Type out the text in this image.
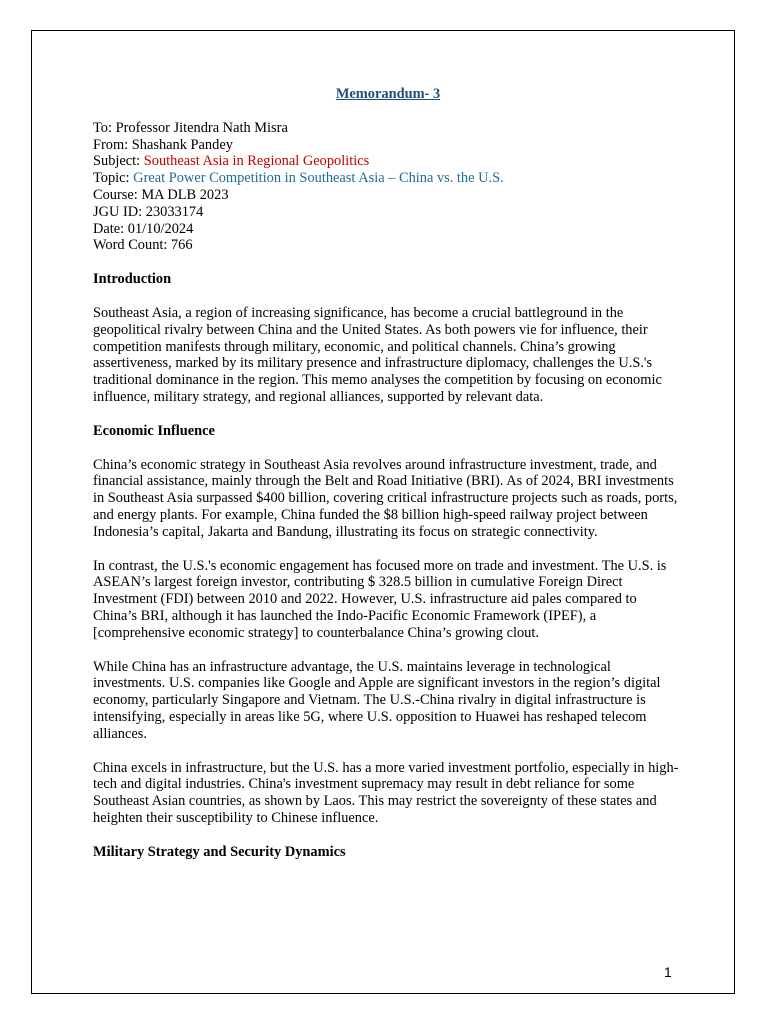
Memorandum- 3

To: Professor Jitendra Nath Misra

From: Shashank Pandey

Subject: Southeast Asia in Regional Geopolitics

Topic: Great Power Competition in Southeast Asia – China vs. the U.S.

Course: MA DLB 2023

JGU ID: 23033174

Date: 01/10/2024

Word Count: 766

Introduction

Southeast Asia, a region of increasing significance, has become a crucial battleground in the geopolitical rivalry between China and the United States. As both powers vie for influence, their competition manifests through military, economic, and political channels. China’s growing assertiveness, marked by its military presence and infrastructure diplomacy, challenges the U.S.'s traditional dominance in the region. This memo analyses the competition by focusing on economic influence, military strategy, and regional alliances, supported by relevant data.

Economic Influence

China’s economic strategy in Southeast Asia revolves around infrastructure investment, trade, and financial assistance, mainly through the Belt and Road Initiative (BRI). As of 2024, BRI investments in Southeast Asia surpassed $400 billion, covering critical infrastructure projects such as roads, ports, and energy plants. For example, China funded the $8 billion high-speed railway project between Indonesia’s capital, Jakarta and Bandung, illustrating its focus on strategic connectivity.

In contrast, the U.S.'s economic engagement has focused more on trade and investment. The U.S. is ASEAN’s largest foreign investor, contributing $ 328.5 billion in cumulative Foreign Direct Investment (FDI) between 2010 and 2022. However, U.S. infrastructure aid pales compared to China’s BRI, although it has launched the Indo-Pacific Economic Framework (IPEF), a [comprehensive economic strategy] to counterbalance China’s growing clout.

While China has an infrastructure advantage, the U.S. maintains leverage in technological investments. U.S. companies like Google and Apple are significant investors in the region’s digital economy, particularly Singapore and Vietnam. The U.S.-China rivalry in digital infrastructure is intensifying, especially in areas like 5G, where U.S. opposition to Huawei has reshaped telecom alliances.

China excels in infrastructure, but the U.S. has a more varied investment portfolio, especially in high-tech and digital industries. China's investment supremacy may result in debt reliance for some Southeast Asian countries, as shown by Laos. This may restrict the sovereignty of these states and heighten their susceptibility to Chinese influence.

Military Strategy and Security Dynamics

1
